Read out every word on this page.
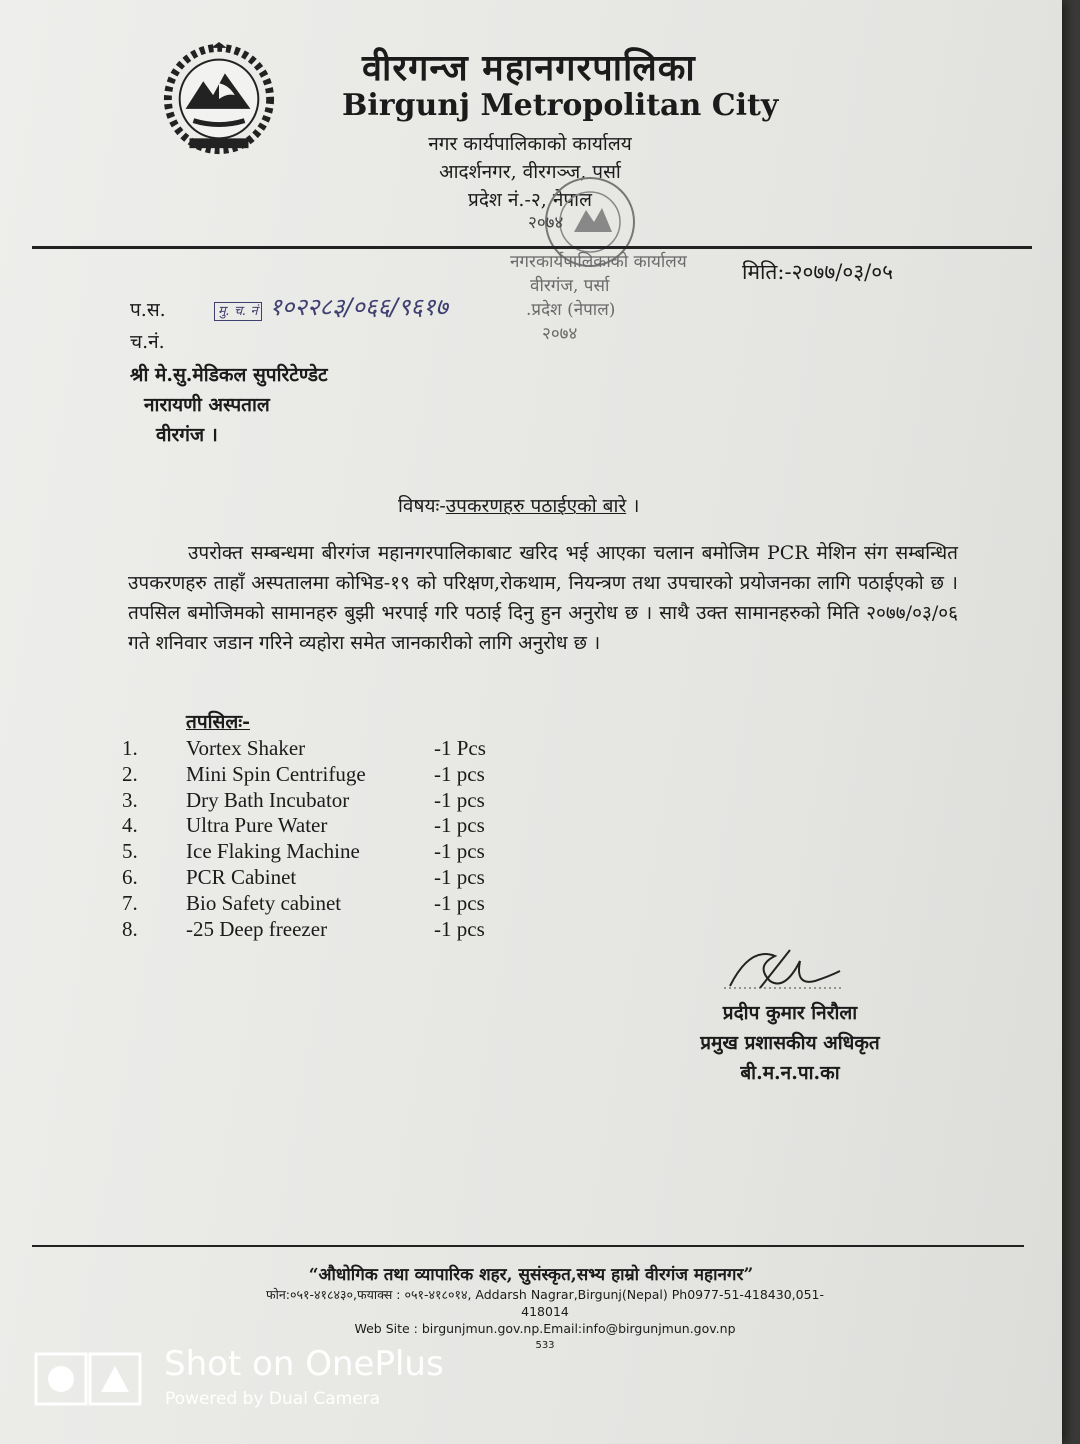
वीरगन्ज महानगरपालिका
Birgunj Metropolitan City
नगर कार्यपालिकाको कार्यालय
आदर्शनगर, वीरगञ्ज, पर्सा
प्रदेश नं.-२, नेपाल
२०७४
मिति:-२०७७/०३/०५
प.स.
च.नं.
मु. च. नं १०२२८३/०६६/९६१७
नगरकार्यपालिकाको कार्यालय
वीरगंज, पर्सा
.प्रदेश (नेपाल)
२०७४
श्री मे.सु.मेडिकल सुपरिटेण्डेट
नारायणी अस्पताल
वीरगंज ।
विषयः-उपकरणहरु पठाईएको बारे ।
उपरोक्त सम्बन्धमा बीरगंज महानगरपालिकाबाट खरिद भई आएका चलान बमोजिम PCR मेशिन संग सम्बन्धित उपकरणहरु ताहाँ अस्पतालमा कोभिड-१९ को परिक्षण,रोकथाम, नियन्त्रण तथा उपचारको प्रयोजनका लागि पठाईएको छ । तपसिल बमोजिमको सामानहरु बुझी भरपाई गरि पठाई दिनु हुन अनुरोध छ । साथै उक्त सामानहरुको मिति २०७७/०३/०६ गते शनिवार जडान गरिने व्यहोरा समेत जानकारीको लागि अनुरोध छ ।
तपसिलः-
1. Vortex Shaker	-1 Pcs
2. Mini Spin Centrifuge	-1 pcs
3. Dry Bath Incubator	-1 pcs
4. Ultra Pure Water	-1 pcs
5. Ice Flaking Machine	-1 pcs
6. PCR Cabinet	-1 pcs
7. Bio Safety cabinet	-1 pcs
8. -25 Deep freezer	-1 pcs
प्रदीप कुमार निरौला
प्रमुख प्रशासकीय अधिकृत
बी.म.न.पा.का
“औधोगिक तथा व्यापारिक शहर, सुसंस्कृत,सभ्य हाम्रो वीरगंज महानगर”
फोन:०५१-४१८४३०,फयाक्स : ०५१-४१८०१४, Addarsh Nagrar,Birgunj(Nepal) Ph0977-51-418430,051-
418014
Web Site : birgunjmun.gov.np.Email:info@birgunjmun.gov.np
533
Shot on OnePlus
Powered by Dual Camera
